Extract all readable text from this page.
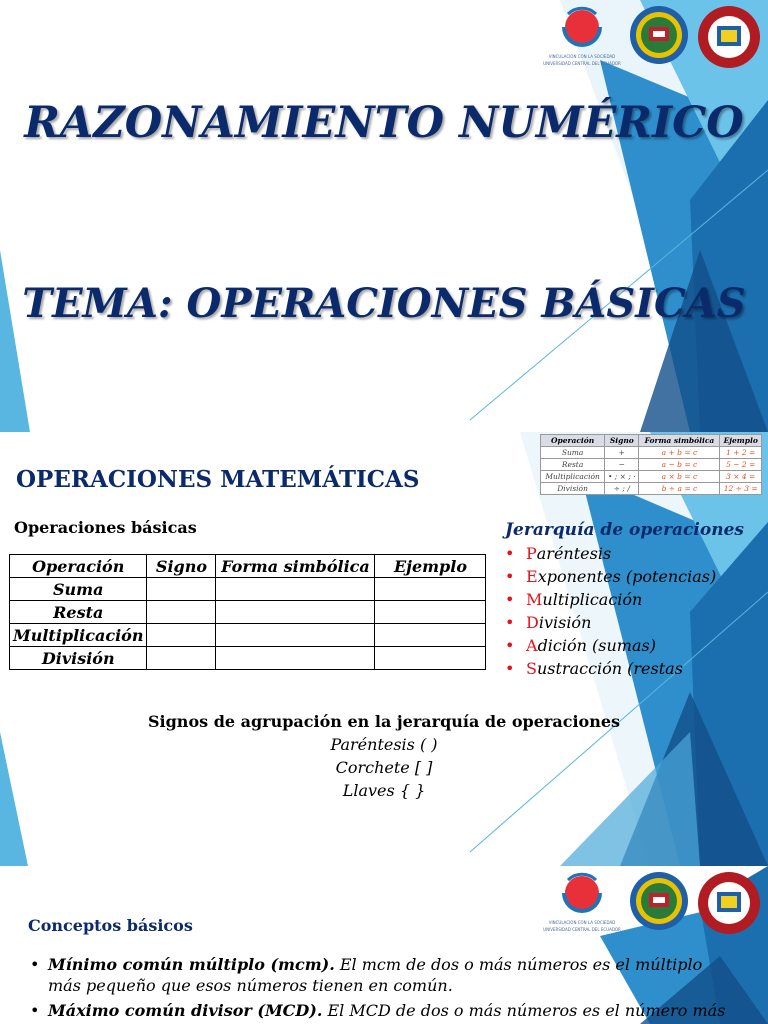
VINCULACIÓN CON LA SOCIEDAD
UNIVERSIDAD CENTRAL DEL ECUADOR
RAZONAMIENTO NUMÉRICO
TEMA: OPERACIONES BÁSICAS
Operación	Signo	Forma simbólica	Ejemplo
Suma	+	a + b = c	1 + 2 =
Resta	−	a − b = c	5 − 2 =
Multiplicación	• ; × ; ·	a × b = c	3 × 4 =
División	÷ ; /	b ÷ a = c	12 ÷ 3 =
OPERACIONES MATEMÁTICAS
Operaciones básicas
Operación	Signo	Forma simbólica	Ejemplo
Suma			
Resta			
Multiplicación			
División			
Jerarquía de operaciones
• Paréntesis
• Exponentes (potencias)
• Multiplicación
• División
• Adición (sumas)
• Sustracción (restas
Signos de agrupación en la jerarquía de operaciones
Paréntesis ( )
Corchete [ ]
Llaves { }
VINCULACIÓN CON LA SOCIEDAD
UNIVERSIDAD CENTRAL DEL ECUADOR
Conceptos básicos
• Mínimo común múltiplo (mcm). El mcm de dos o más números es el múltiplo más pequeño que esos números tienen en común.
• Máximo común divisor (MCD). El MCD de dos o más números es el número más
